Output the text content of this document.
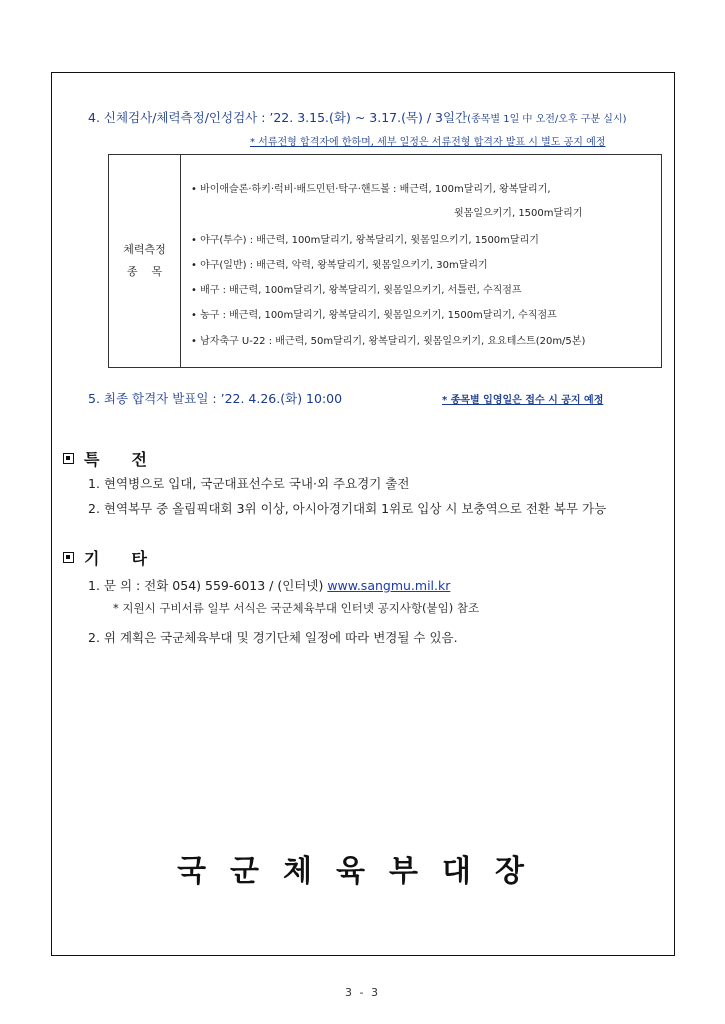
4. 신체검사/체력측정/인성검사 : ’22. 3.15.(화) ~ 3.17.(목) / 3일간(종목별 1일 中 오전/오후 구분 실시)
* 서류전형 합격자에 한하며, 세부 일정은 서류전형 합격자 발표 시 별도 공지 예정
체력측정
종    목
• 바이애슬론·하키·럭비·배드민턴·탁구·핸드볼 : 배근력, 100m달리기, 왕복달리기,
윗몸일으키기, 1500m달리기
• 야구(투수) : 배근력, 100m달리기, 왕복달리기, 윗몸일으키기, 1500m달리기
• 야구(일반) : 배근력, 악력, 왕복달리기, 윗몸일으키기, 30m달리기
• 배구 : 배근력, 100m달리기, 왕복달리기, 윗몸일으키기, 서틀런, 수직점프
• 농구 : 배근력, 100m달리기, 왕복달리기, 윗몸일으키기, 1500m달리기, 수직점프
• 남자축구 U-22 : 배근력, 50m달리기, 왕복달리기, 윗몸일으키기, 요요테스트(20m/5본)
5. 최종 합격자 발표일 : ’22. 4.26.(화) 10:00	* 종목별 입영일은 접수 시 공지 예정
특전
1. 현역병으로 입대, 국군대표선수로 국내·외 주요경기 출전
2. 현역복무 중 올림픽대회 3위 이상, 아시아경기대회 1위로 입상 시 보충역으로 전환 복무 가능
기타
1. 문 의 : 전화 054) 559-6013 / (인터넷) www.sangmu.mil.kr
* 지원시 구비서류 일부 서식은 국군체육부대 인터넷 공지사항(붙임) 참조
2. 위 계획은 국군체육부대 및 경기단체 일정에 따라 변경될 수 있음.
국군체육부대장
3 - 3
